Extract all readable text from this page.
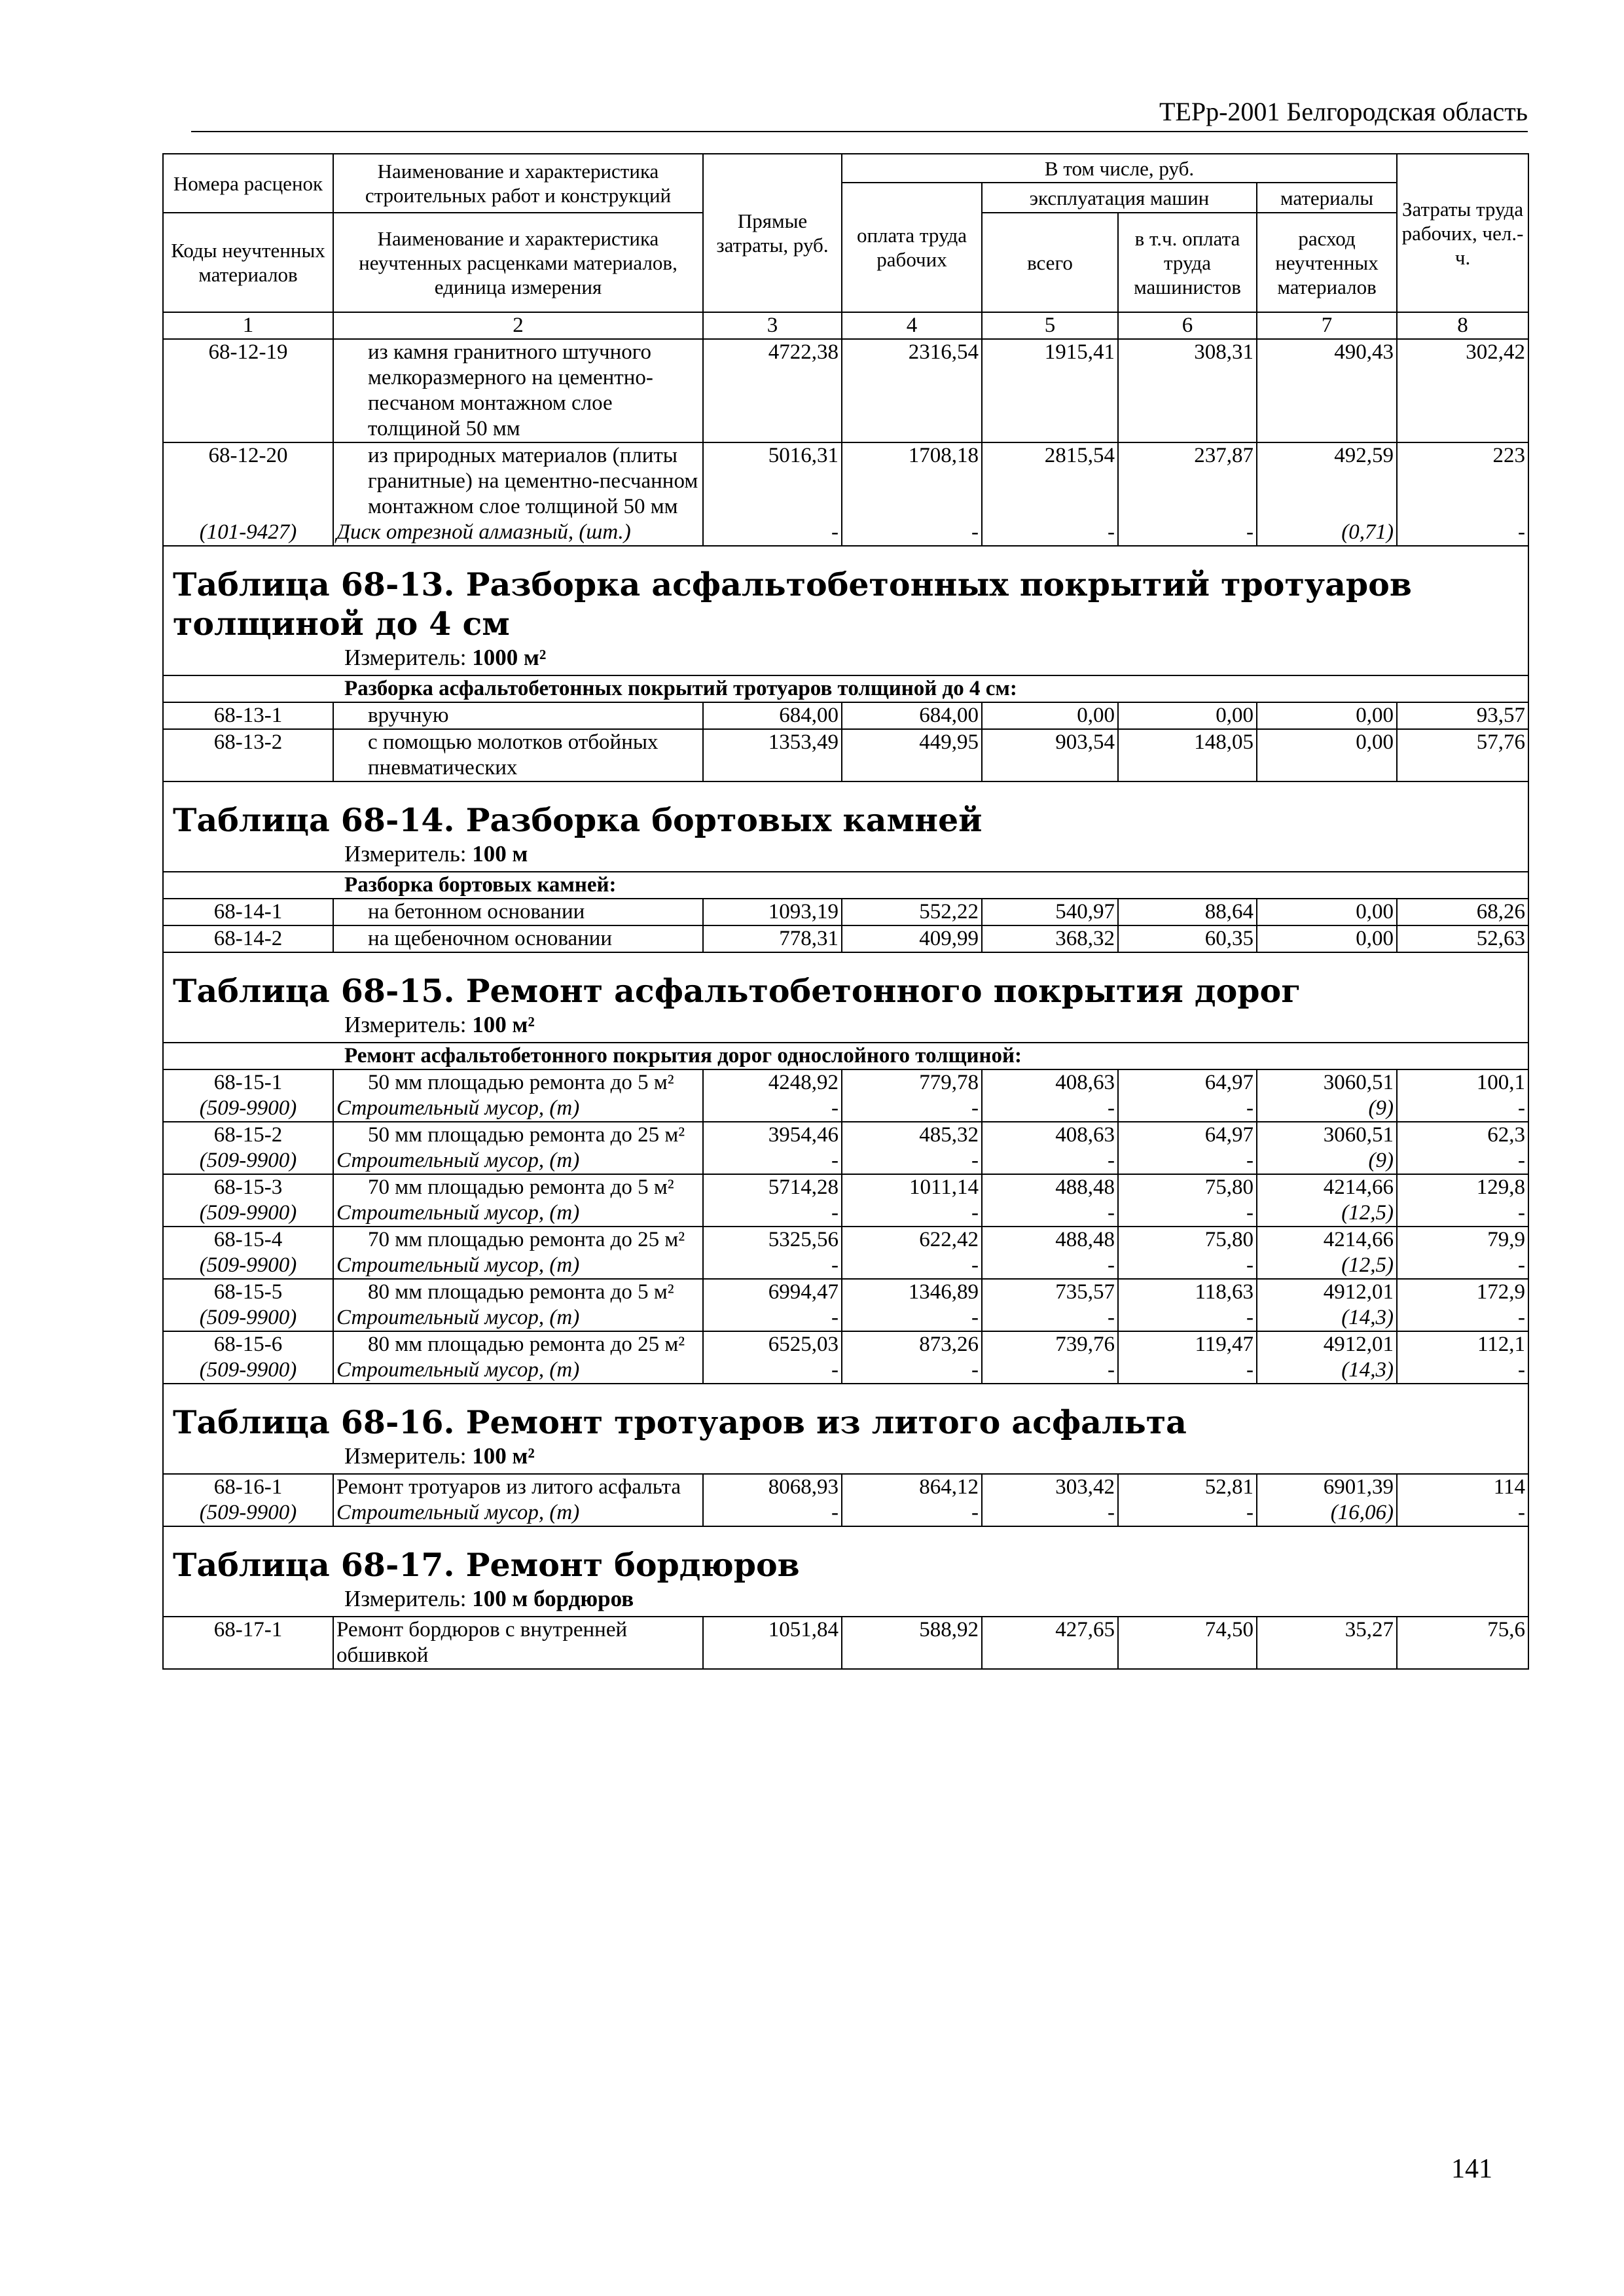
ТЕРр-2001 Белгородская область
Номера расценок	Наименование и характеристика строительных работ и конструкций	Прямые затраты, руб.	В том числе, руб.				Затраты труда рабочих, чел.-ч.
			оплата труда рабочих	эксплуатация машин		материалы	
Коды неучтенных материалов	Наименование и характеристика неучтенных расценками материалов, единица измерения			всего	в т.ч. оплата труда машинистов	расход неучтенных материалов	

1	2	3	4	5	6	7	8
68-12-19	из камня гранитного штучного мелкоразмерного на цементно-песчаном монтажном слое толщиной 50 мм	4722,38	2316,54	1915,41	308,31	490,43	302,42
68-12-20	из природных материалов (плиты гранитные) на цементно-песчанном монтажном слое толщиной 50 мм	5016,31	1708,18	2815,54	237,87	492,59	223
(101-9427)	Диск отрезной алмазный, (шт.)	-	-	-	-	(0,71)	-
Таблица 68-13. Разборка асфальтобетонных покрытий тротуаров толщиной до 4 см							
Измеритель: 1000 м²							
Разборка асфальтобетонных покрытий тротуаров толщиной до 4 см:							
68-13-1	вручную	684,00	684,00	0,00	0,00	0,00	93,57
68-13-2	с помощью молотков отбойных пневматических	1353,49	449,95	903,54	148,05	0,00	57,76
Таблица 68-14. Разборка бортовых камней							
Измеритель: 100 м							
Разборка бортовых камней:							
68-14-1	на бетонном основании	1093,19	552,22	540,97	88,64	0,00	68,26
68-14-2	на щебеночном основании	778,31	409,99	368,32	60,35	0,00	52,63
Таблица 68-15. Ремонт асфальтобетонного покрытия дорог							
Измеритель: 100 м²							
Ремонт асфальтобетонного покрытия дорог однослойного толщиной:							
68-15-1	50 мм площадью ремонта до 5 м²	4248,92	779,78	408,63	64,97	3060,51	100,1
(509-9900)	Строительный мусор, (т)	-	-	-	-	(9)	-
68-15-2	50 мм площадью ремонта до 25 м²	3954,46	485,32	408,63	64,97	3060,51	62,3
(509-9900)	Строительный мусор, (т)	-	-	-	-	(9)	-
68-15-3	70 мм площадью ремонта до 5 м²	5714,28	1011,14	488,48	75,80	4214,66	129,8
(509-9900)	Строительный мусор, (т)	-	-	-	-	(12,5)	-
68-15-4	70 мм площадью ремонта до 25 м²	5325,56	622,42	488,48	75,80	4214,66	79,9
(509-9900)	Строительный мусор, (т)	-	-	-	-	(12,5)	-
68-15-5	80 мм площадью ремонта до 5 м²	6994,47	1346,89	735,57	118,63	4912,01	172,9
(509-9900)	Строительный мусор, (т)	-	-	-	-	(14,3)	-
68-15-6	80 мм площадью ремонта до 25 м²	6525,03	873,26	739,76	119,47	4912,01	112,1
(509-9900)	Строительный мусор, (т)	-	-	-	-	(14,3)	-
Таблица 68-16. Ремонт тротуаров из литого асфальта							
Измеритель: 100 м²							
68-16-1	Ремонт тротуаров из литого асфальта	8068,93	864,12	303,42	52,81	6901,39	114
(509-9900)	Строительный мусор, (т)	-	-	-	-	(16,06)	-
Таблица 68-17. Ремонт бордюров							
Измеритель: 100 м бордюров							
68-17-1	Ремонт бордюров с внутренней обшивкой	1051,84	588,92	427,65	74,50	35,27	75,6
141
